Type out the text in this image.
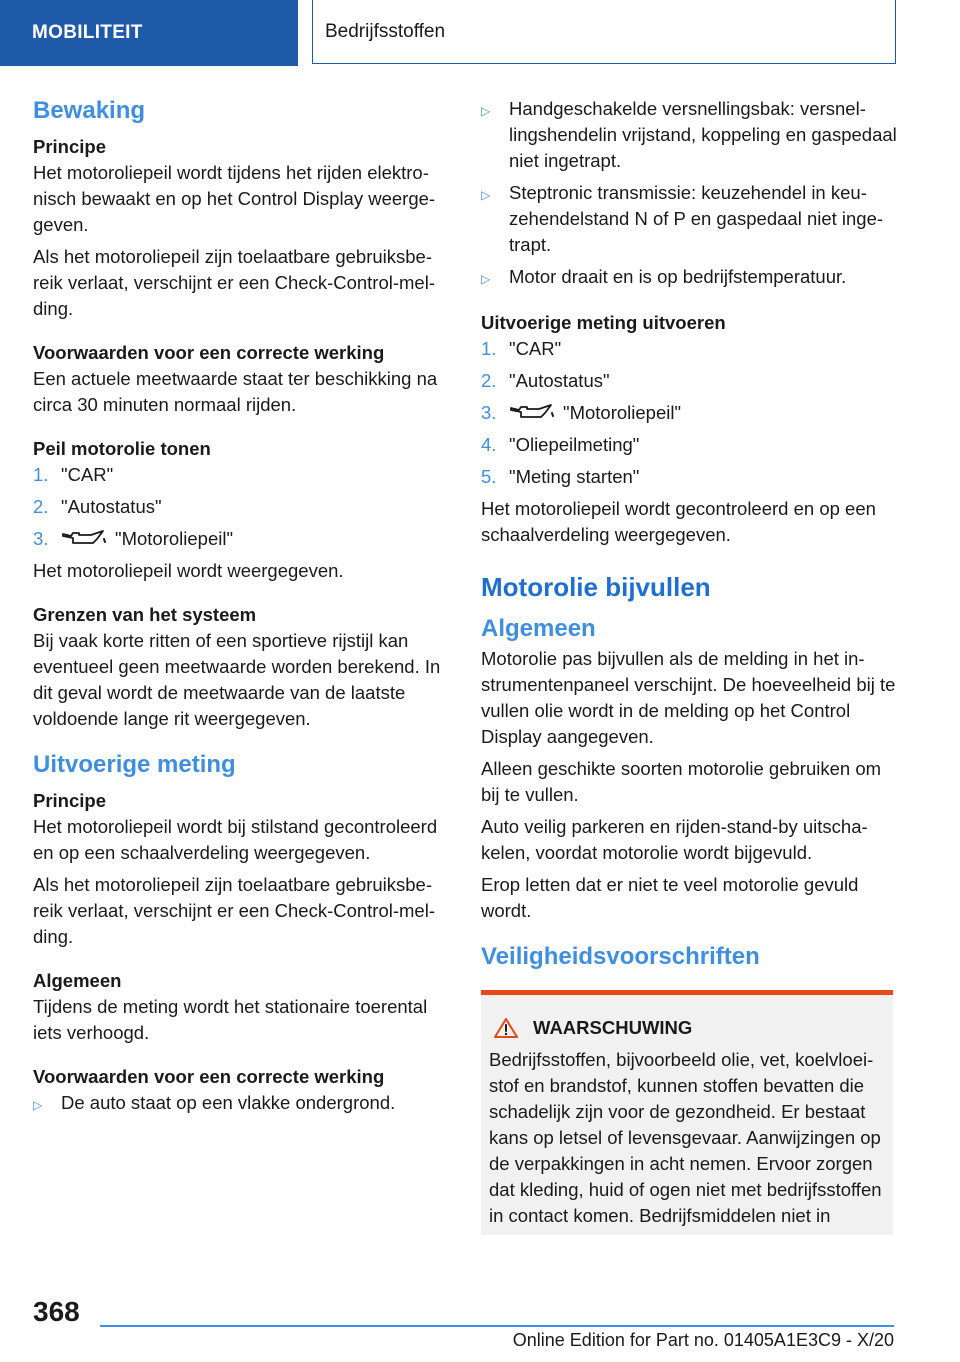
MOBILITEIT	Bedrijfsstoffen
Bewaking
Principe

Het motoroliepeil wordt tijdens het rijden elektronisch bewaakt en op het Control Display weergegeven.

Als het motoroliepeil zijn toelaatbare gebruiksbereik verlaat, verschijnt er een Check-Control-melding.

Voorwaarden voor een correcte werking

Een actuele meetwaarde staat ter beschikking na circa 30 minuten normaal rijden.

Peil motorolie tonen
1. "CAR"
2. "Autostatus"
3.	"Motoroliepeil"

Het motoroliepeil wordt weergegeven.

Grenzen van het systeem

Bij vaak korte ritten of een sportieve rijstijl kan eventueel geen meetwaarde worden berekend. In dit geval wordt de meetwaarde van de laatste voldoende lange rit weergegeven.

Uitvoerige meting
Principe

Het motoroliepeil wordt bij stilstand gecontroleerd en op een schaalverdeling weergegeven.

Als het motoroliepeil zijn toelaatbare gebruiksbereik verlaat, verschijnt er een Check-Control-melding.

Algemeen

Tijdens de meting wordt het stationaire toerental iets verhoogd.

Voorwaarden voor een correcte werking
▷	De auto staat op een vlakke ondergrond.
▷	Handgeschakelde versnellingsbak: versnellingshendelin vrijstand, koppeling en gaspedaal niet ingetrapt.
▷	Steptronic transmissie: keuzehendel in keuzehendelstand N of P en gaspedaal niet ingetrapt.
▷	Motor draait en is op bedrijfstemperatuur.
Uitvoerige meting uitvoeren
1. "CAR"
2. "Autostatus"
3.	"Motoroliepeil"
4. "Oliepeilmeting"
5. "Meting starten"

Het motoroliepeil wordt gecontroleerd en op een schaalverdeling weergegeven.

Motorolie bijvullen
Algemeen

Motorolie pas bijvullen als de melding in het instrumentenpaneel verschijnt. De hoeveelheid bij te vullen olie wordt in de melding op het Control Display aangegeven.

Alleen geschikte soorten motorolie gebruiken om bij te vullen.

Auto veilig parkeren en rijden-stand-by uitschakelen, voordat motorolie wordt bijgevuld.

Erop letten dat er niet te veel motorolie gevuld wordt.

Veiligheidsvoorschriften
WAARSCHUWING
Bedrijfsstoffen, bijvoorbeeld olie, vet, koelvloeistof en brandstof, kunnen stoffen bevatten die schadelijk zijn voor de gezondheid. Er bestaat kans op letsel of levensgevaar. Aanwijzingen op de verpakkingen in acht nemen. Ervoor zorgen dat kleding, huid of ogen niet met bedrijfsstoffen in contact komen. Bedrijfsmiddelen niet in
368
Online Edition for Part no. 01405A1E3C9 - X/20
